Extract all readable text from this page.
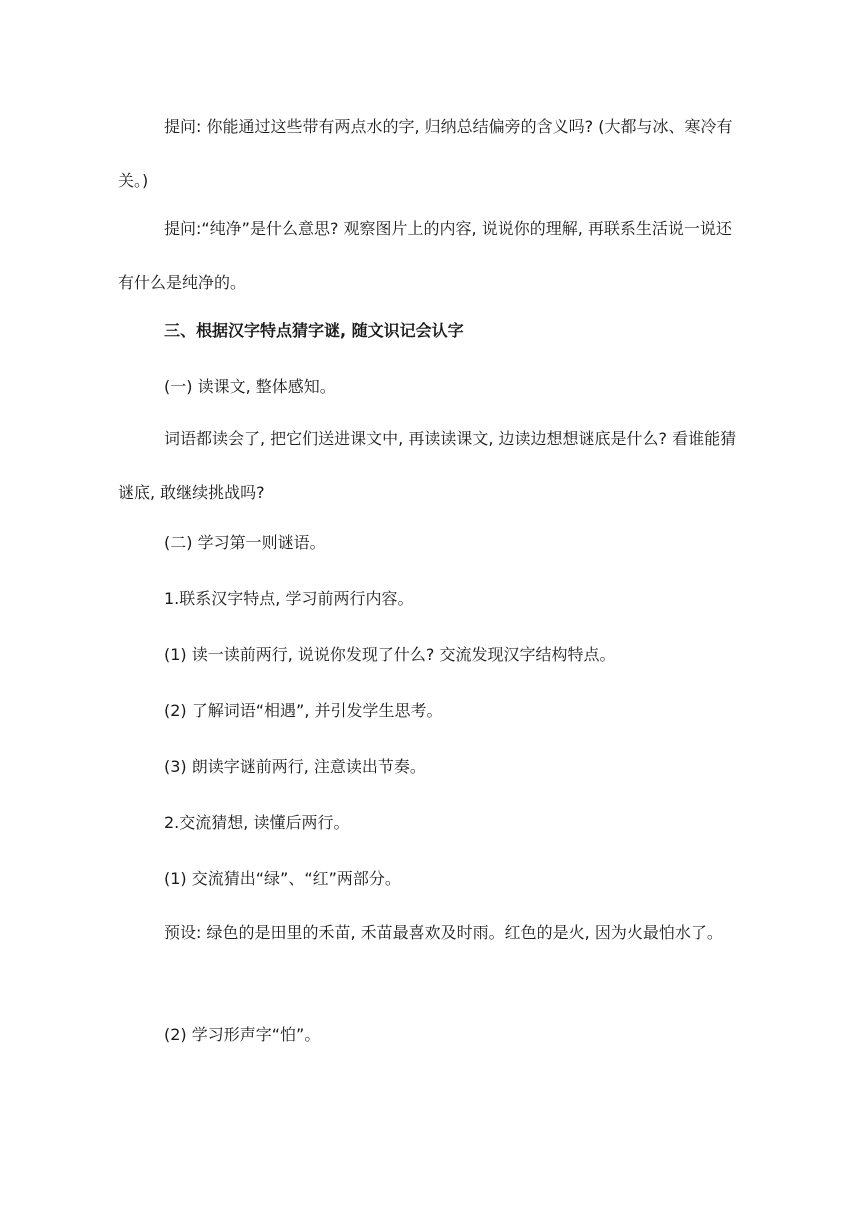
提问: 你能通过这些带有两点水的字, 归纳总结偏旁的含义吗? (大都与冰、寒冷有关。)

提问:“纯净”是什么意思? 观察图片上的内容, 说说你的理解, 再联系生活说一说还有什么是纯净的。

三、根据汉字特点猜字谜, 随文识记会认字

(一) 读课文, 整体感知。

词语都读会了, 把它们送进课文中, 再读读课文, 边读边想想谜底是什么? 看谁能猜谜底, 敢继续挑战吗?

(二) 学习第一则谜语。

1.联系汉字特点, 学习前两行内容。

(1) 读一读前两行, 说说你发现了什么? 交流发现汉字结构特点。

(2) 了解词语“相遇”, 并引发学生思考。

(3) 朗读字谜前两行, 注意读出节奏。

2.交流猜想, 读懂后两行。

(1) 交流猜出“绿”、“红”两部分。

预设: 绿色的是田里的禾苗, 禾苗最喜欢及时雨。红色的是火, 因为火最怕水了。

(2) 学习形声字“怕”。
